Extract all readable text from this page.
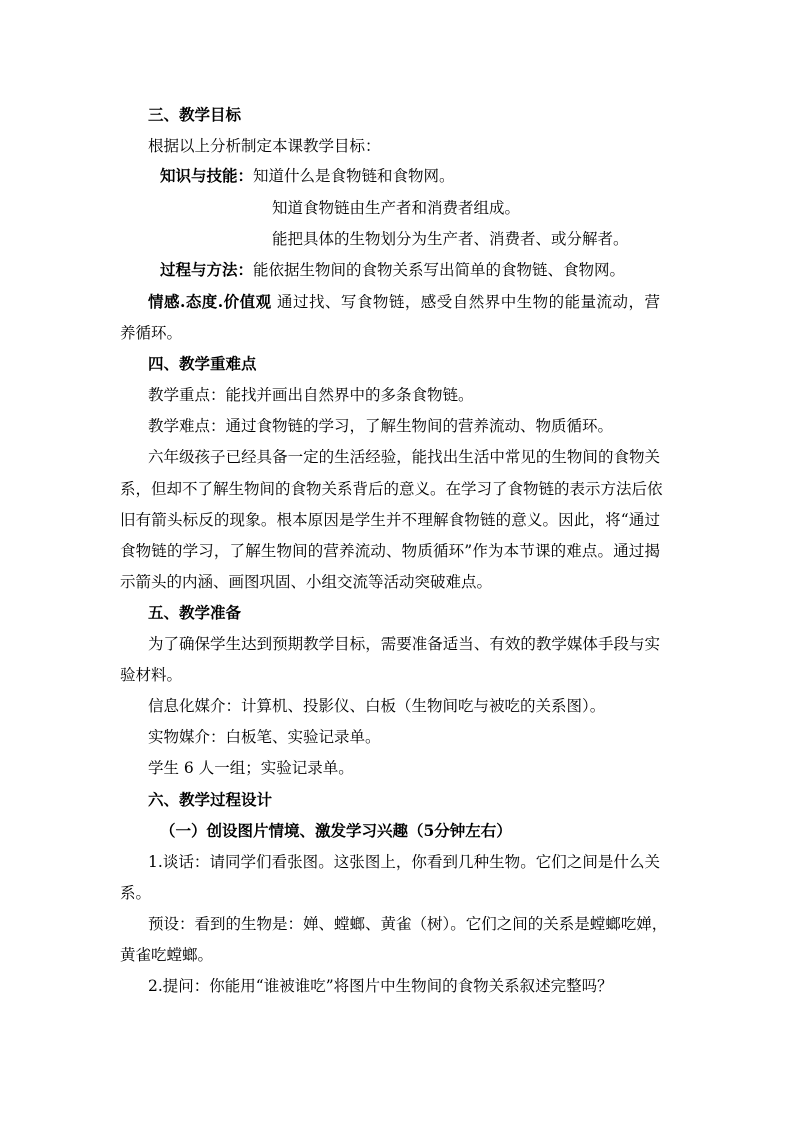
三、教学目标
根据以上分析制定本课教学目标：
知识与技能：知道什么是食物链和食物网。
知道食物链由生产者和消费者组成。
能把具体的生物划分为生产者、消费者、或分解者。
过程与方法：能依据生物间的食物关系写出简单的食物链、食物网。
情感.态度.价值观 通过找、写食物链，感受自然界中生物的能量流动，营
养循环。
四、教学重难点
教学重点：能找并画出自然界中的多条食物链。
教学难点：通过食物链的学习，了解生物间的营养流动、物质循环。
六年级孩子已经具备一定的生活经验，能找出生活中常见的生物间的食物关
系，但却不了解生物间的食物关系背后的意义。在学习了食物链的表示方法后依
旧有箭头标反的现象。根本原因是学生并不理解食物链的意义。因此，将“通过
食物链的学习，了解生物间的营养流动、物质循环”作为本节课的难点。通过揭
示箭头的内涵、画图巩固、小组交流等活动突破难点。
五、教学准备
为了确保学生达到预期教学目标，需要准备适当、有效的教学媒体手段与实
验材料。
信息化媒介：计算机、投影仪、白板（生物间吃与被吃的关系图）。
实物媒介：白板笔、实验记录单。
学生 6 人一组；实验记录单。
六、教学过程设计
（一）创设图片情境、激发学习兴趣（5分钟左右）
1.谈话：请同学们看张图。这张图上，你看到几种生物。它们之间是什么关
系。
预设：看到的生物是：婵、螳螂、黄雀（树）。它们之间的关系是螳螂吃婵，
黄雀吃螳螂。
2.提问：你能用“谁被谁吃”将图片中生物间的食物关系叙述完整吗？
